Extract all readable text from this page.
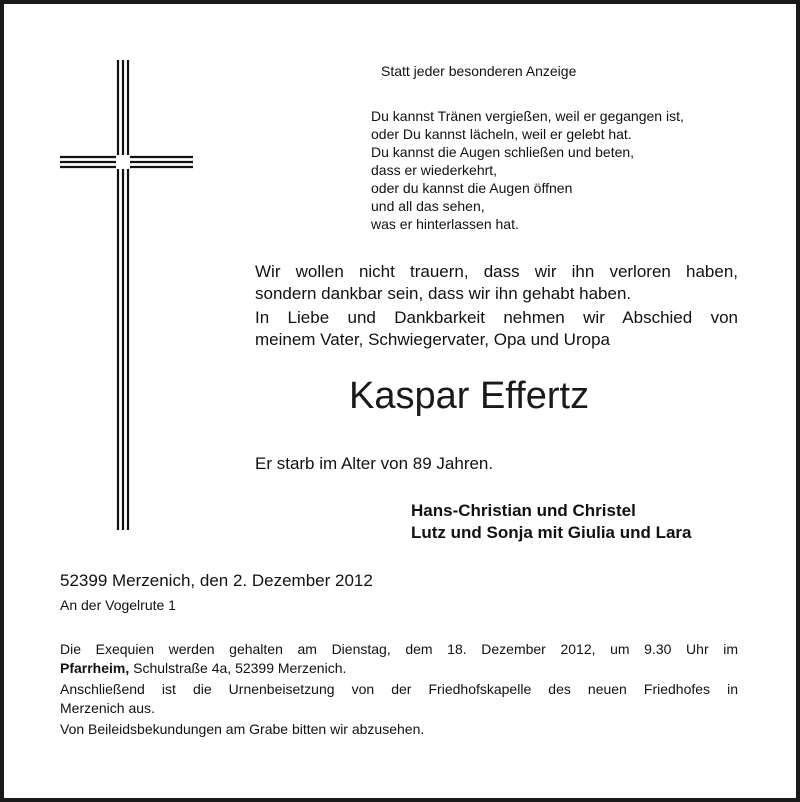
Statt jeder besonderen Anzeige
Du kannst Tränen vergießen, weil er gegangen ist,
oder Du kannst lächeln, weil er gelebt hat.
Du kannst die Augen schließen und beten,
dass er wiederkehrt,
oder du kannst die Augen öffnen
und all das sehen,
was er hinterlassen hat.
Wir wollen nicht trauern, dass wir ihn verloren haben,
sondern dankbar sein, dass wir ihn gehabt haben.
In Liebe und Dankbarkeit nehmen wir Abschied von
meinem Vater, Schwiegervater, Opa und Uropa
Kaspar Effertz
Er starb im Alter von 89 Jahren.
Hans-Christian und Christel
Lutz und Sonja mit Giulia und Lara
52399 Merzenich, den 2. Dezember 2012
An der Vogelrute 1
Die Exequien werden gehalten am Dienstag, dem 18. Dezember 2012, um 9.30 Uhr im
Pfarrheim, Schulstraße 4a, 52399 Merzenich.
Anschließend ist die Urnenbeisetzung von der Friedhofskapelle des neuen Friedhofes in
Merzenich aus.
Von Beileidsbekundungen am Grabe bitten wir abzusehen.
